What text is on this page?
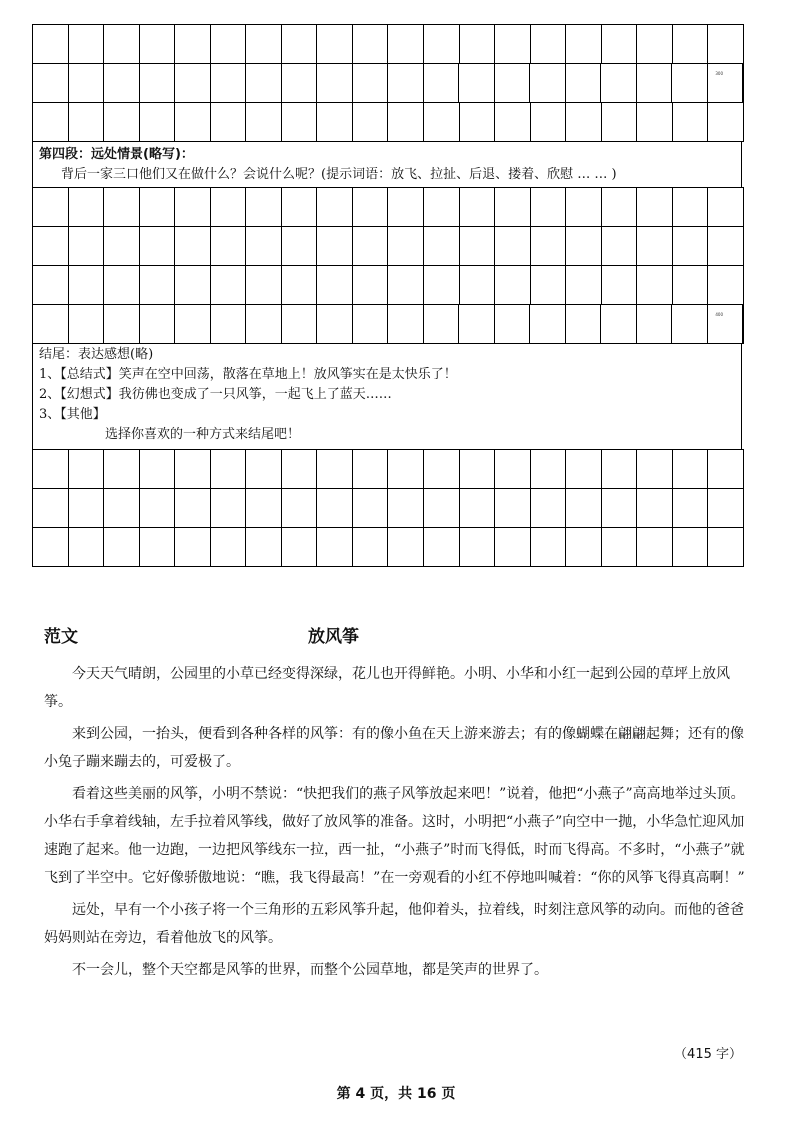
300

第四段：远处情景(略写)：

背后一家三口他们又在做什么？会说什么呢？(提示词语：放飞、拉扯、后退、搂着、欣慰 … … )

400

结尾：表达感想(略)

1、【总结式】笑声在空中回荡，散落在草地上！放风筝实在是太快乐了！

2、【幻想式】我彷佛也变成了一只风筝，一起飞上了蓝天……

3、【其他】

选择你喜欢的一种方式来结尾吧！

范文	放风筝

今天天气晴朗，公园里的小草已经变得深绿，花儿也开得鲜艳。小明、小华和小红一起到公园的草坪上放风筝。

来到公园，一抬头，便看到各种各样的风筝：有的像小鱼在天上游来游去；有的像蝴蝶在翩翩起舞；还有的像小兔子蹦来蹦去的，可爱极了。

看着这些美丽的风筝，小明不禁说：“快把我们的燕子风筝放起来吧！”说着，他把“小燕子”高高地举过头顶。小华右手拿着线轴，左手拉着风筝线，做好了放风筝的准备。这时，小明把“小燕子”向空中一抛，小华急忙迎风加速跑了起来。他一边跑，一边把风筝线东一拉，西一扯，“小燕子”时而飞得低，时而飞得高。不多时，“小燕子”就飞到了半空中。它好像骄傲地说：“瞧，我飞得最高！”在一旁观看的小红不停地叫喊着：“你的风筝飞得真高啊！”

远处，早有一个小孩子将一个三角形的五彩风筝升起，他仰着头，拉着线，时刻注意风筝的动向。而他的爸爸妈妈则站在旁边，看着他放飞的风筝。

不一会儿，整个天空都是风筝的世界，而整个公园草地，都是笑声的世界了。

（415 字）
第 4 页，共 16 页
